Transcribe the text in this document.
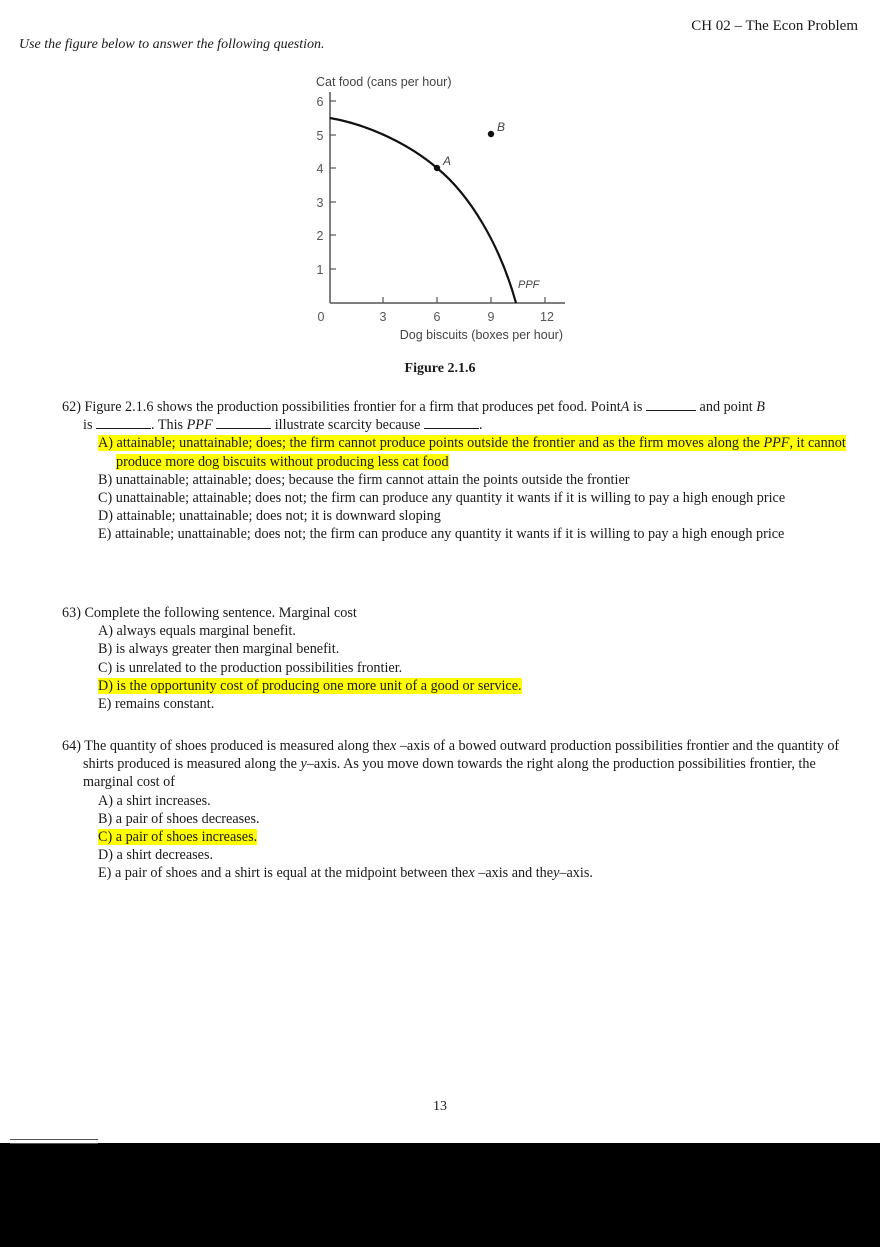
CH 02 – The Econ Problem
Use the figure below to answer the following question.
Cat food (cans per hour)
6
5
4
3
2
1
0	3	6	9	12
Dog biscuits (boxes per hour)
PPF
A
B
Figure 2.1.6
62) Figure 2.1.6 shows the production possibilities frontier for a firm that produces pet food. PointA is	and point B
is	. This PPF	illustrate scarcity because	.
A) attainable; unattainable; does; the firm cannot produce points outside the frontier and as the firm moves along the PPF, it cannot produce more dog biscuits without producing less cat food
B) unattainable; attainable; does; because the firm cannot attain the points outside the frontier
C) unattainable; attainable; does not; the firm can produce any quantity it wants if it is willing to pay a high enough price
D) attainable; unattainable; does not; it is downward sloping
E) attainable; unattainable; does not; the firm can produce any quantity it wants if it is willing to pay a high enough price
63) Complete the following sentence. Marginal cost
A) always equals marginal benefit.
B) is always greater then marginal benefit.
C) is unrelated to the production possibilities frontier.
D) is the opportunity cost of producing one more unit of a good or service.
E) remains constant.
64) The quantity of shoes produced is measured along thex –axis of a bowed outward production possibilities frontier and the quantity of shirts produced is measured along the y–axis. As you move down towards the right along the production possibilities frontier, the marginal cost of
A) a shirt increases.
B) a pair of shoes decreases.
C) a pair of shoes increases.
D) a shirt decreases.
E) a pair of shoes and a shirt is equal at the midpoint between thex –axis and they–axis.
13
